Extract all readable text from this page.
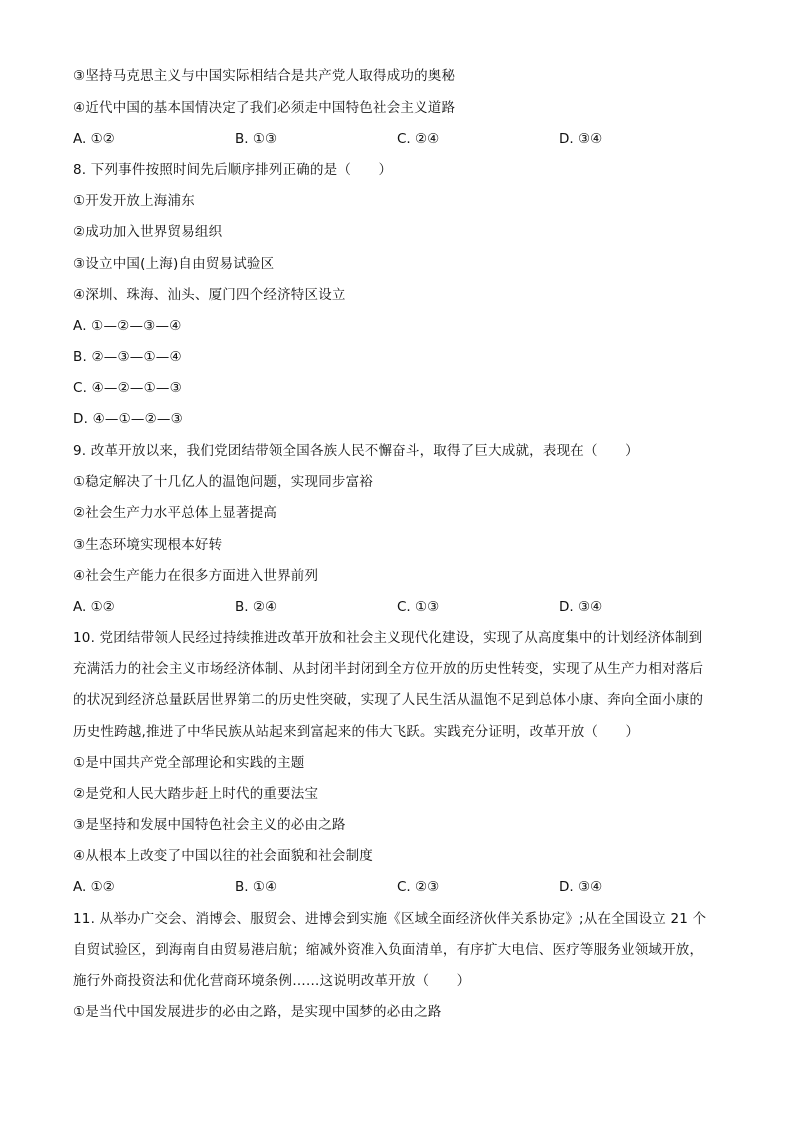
③坚持马克思主义与中国实际相结合是共产党人取得成功的奥秘
④近代中国的基本国情决定了我们必须走中国特色社会主义道路
A. ①②	B. ①③	C. ②④	D. ③④
8. 下列事件按照时间先后顺序排列正确的是（　　）
①开发开放上海浦东
②成功加入世界贸易组织
③设立中国(上海)自由贸易试验区
④深圳、珠海、汕头、厦门四个经济特区设立
A. ①—②—③—④
B. ②—③—①—④
C. ④—②—①—③
D. ④—①—②—③
9. 改革开放以来，我们党团结带领全国各族人民不懈奋斗，取得了巨大成就，表现在（　　）
①稳定解决了十几亿人的温饱问题，实现同步富裕
②社会生产力水平总体上显著提高
③生态环境实现根本好转
④社会生产能力在很多方面进入世界前列
A. ①②	B. ②④	C. ①③	D. ③④
10. 党团结带领人民经过持续推进改革开放和社会主义现代化建设，实现了从高度集中的计划经济体制到
充满活力的社会主义市场经济体制、从封闭半封闭到全方位开放的历史性转变，实现了从生产力相对落后
的状况到经济总量跃居世界第二的历史性突破，实现了人民生活从温饱不足到总体小康、奔向全面小康的
历史性跨越,推进了中华民族从站起来到富起来的伟大飞跃。实践充分证明，改革开放（　　）
①是中国共产党全部理论和实践的主题
②是党和人民大踏步赶上时代的重要法宝
③是坚持和发展中国特色社会主义的必由之路
④从根本上改变了中国以往的社会面貌和社会制度
A. ①②	B. ①④	C. ②③	D. ③④
11. 从举办广交会、消博会、服贸会、进博会到实施《区域全面经济伙伴关系协定》;从在全国设立 21 个
自贸试验区，到海南自由贸易港启航；缩减外资准入负面清单，有序扩大电信、医疗等服务业领域开放，
施行外商投资法和优化营商环境条例……这说明改革开放（　　）
①是当代中国发展进步的必由之路，是实现中国梦的必由之路
